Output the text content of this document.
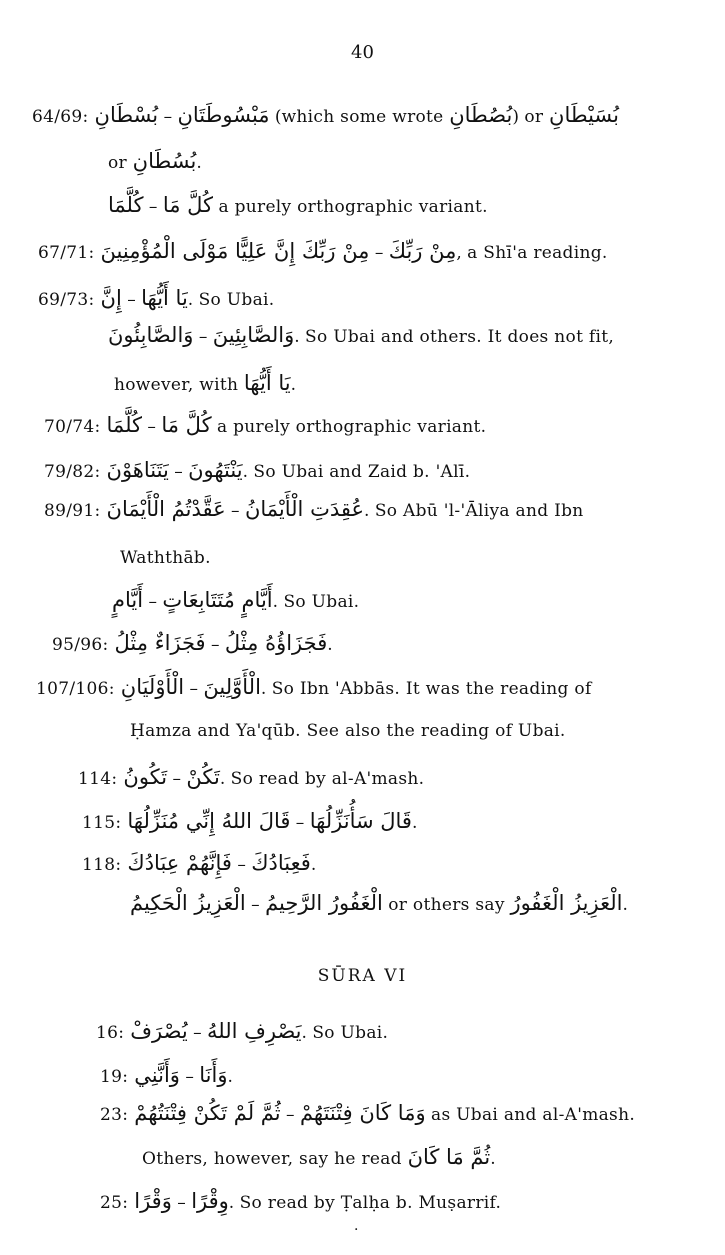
40
64/69: بُسْطَانِ – مَبْسُوطَتَانِ (which some wrote بُصُطَانِ) or بُسَيْطَانِ
or بُسُطَانِ.
كُلَّمَا – كُلَّ مَا a purely orthographic variant.
67/71: مِنْ رَبِّكَ إِنَّ عَلِيًّا مَوْلَى الْمُؤْمِنِينَ – مِنْ رَبِّكَ, a Shī'a reading.
69/73: إِنَّ – يَا أَيُّهَا. So Ubai.
وَالصَّابِئُونَ – وَالصَّابِئِينَ. So Ubai and others. It does not fit,
however, with يَا أَيُّهَا.
70/74: كُلَّمَا – كُلَّ مَا a purely orthographic variant.
79/82: يَتَنَاهَوْنَ – يَنْتَهُونَ. So Ubai and Zaid b. 'Alī.
89/91: عَقَّدْتُمُ الْأَيْمَانَ – عُقِدَتِ الْأَيْمَانُ. So Abū 'l-'Āliya and Ibn
Waththāb.
أَيَّامٍ – أَيَّامٍ مُتَتَابِعَاتٍ. So Ubai.
95/96: فَجَزَاءٌ مِثْلُ – فَجَزَاؤُهُ مِثْلُ.
107/106: الْأَوْلَيَانِ – الْأَوَّلِينَ. So Ibn 'Abbās. It was the reading of
Ḥamza and Ya'qūb. See also the reading of Ubai.
114: تَكُونُ – تَكُنْ. So read by al-A'mash.
115: قَالَ اللهُ إِنِّي مُنَزِّلُهَا – قَالَ سَأُنَزِّلُهَا.
118: فَإِنَّهُمْ عِبَادُكَ – فَعِبَادُكَ.
الْعَزِيزُ الْحَكِيمُ – الْغَفُورُ الرَّحِيمُ or others say الْعَزِيزُ الْغَفُورُ.
16: يُصْرَفْ – يَصْرِفِ اللهُ. So Ubai.
19: وَأَنَّنِي – وَأَنَا.
23: ثُمَّ لَمْ تَكُنْ فِتْنَتُهُمْ – وَمَا كَانَ فِتْنَتَهُمْ as Ubai and al-A'mash.
Others, however, say he read ثُمَّ مَا كَانَ.
25: وَقْرًا – وِقْرًا. So read by Ṭalḥa b. Muṣarrif.
SŪRA VI
·
